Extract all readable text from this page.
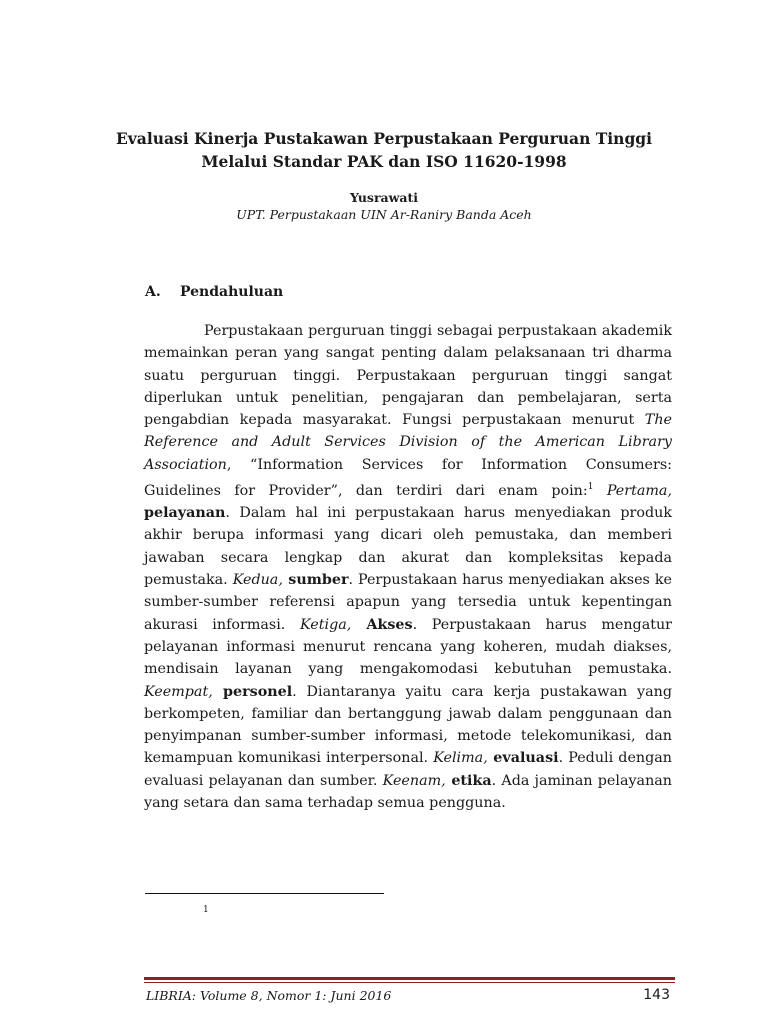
Evaluasi Kinerja Pustakawan Perpustakaan Perguruan Tinggi
Melalui Standar PAK dan ISO 11620-1998
Yusrawati
UPT. Perpustakaan UIN Ar-Raniry Banda Aceh
A. Pendahuluan

Perpustakaan perguruan tinggi sebagai perpustakaan akademik memainkan peran yang sangat penting dalam pelaksanaan tri dharma suatu perguruan tinggi. Perpustakaan perguruan tinggi sangat diperlukan untuk penelitian, pengajaran dan pembelajaran, serta pengabdian kepada masyarakat. Fungsi perpustakaan menurut The Reference and Adult Services Division of the American Library Association, “Information Services for Information Consumers: Guidelines for Provider”, dan terdiri dari enam poin:$^1$ Pertama, pelayanan. Dalam hal ini perpustakaan harus menyediakan produk akhir berupa informasi yang dicari oleh pemustaka, dan memberi jawaban secara lengkap dan akurat dan kompleksitas kepada pemustaka. Kedua, sumber. Perpustakaan harus menyediakan akses ke sumber-sumber referensi apapun yang tersedia untuk kepentingan akurasi informasi. Ketiga, Akses. Perpustakaan harus mengatur pelayanan informasi menurut rencana yang koheren, mudah diakses, mendisain layanan yang mengakomodasi kebutuhan pemustaka. Keempat, personel. Diantaranya yaitu cara kerja pustakawan yang berkompeten, familiar dan bertanggung jawab dalam penggunaan dan penyimpanan sumber-sumber informasi, metode telekomunikasi, dan kemampuan komunikasi interpersonal. Kelima, evaluasi. Peduli dengan evaluasi pelayanan dan sumber. Keenam, etika. Ada jaminan pelayanan yang setara dan sama terhadap semua pengguna.

1
LIBRIA: Volume 8, Nomor 1: Juni 2016	143
